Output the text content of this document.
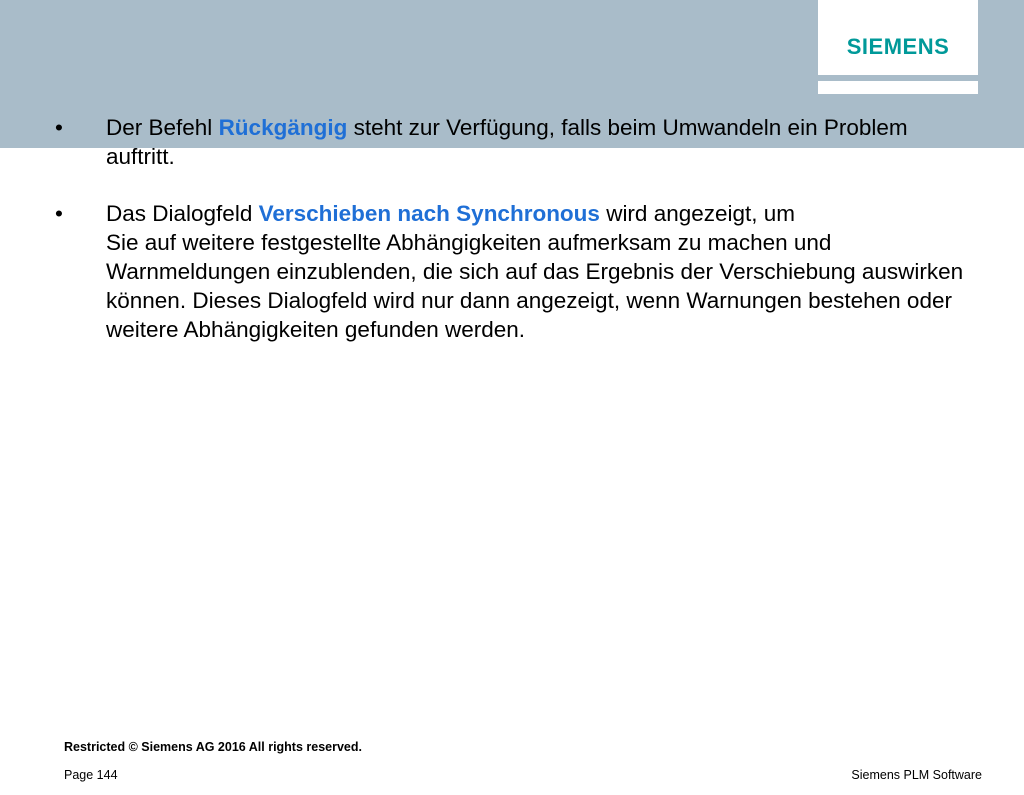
SIEMENS
• Der Befehl Rückgängig steht zur Verfügung, falls beim Umwandeln ein Problem auftritt.
• Das Dialogfeld Verschieben nach Synchronous wird angezeigt, um
Sie auf weitere festgestellte Abhängigkeiten aufmerksam zu machen und Warnmeldungen einzublenden, die sich auf das Ergebnis der Verschiebung auswirken können. Dieses Dialogfeld wird nur dann angezeigt, wenn Warnungen bestehen oder weitere Abhängigkeiten gefunden werden.
Restricted © Siemens AG 2016 All rights reserved.
Page 144	Siemens PLM Software
